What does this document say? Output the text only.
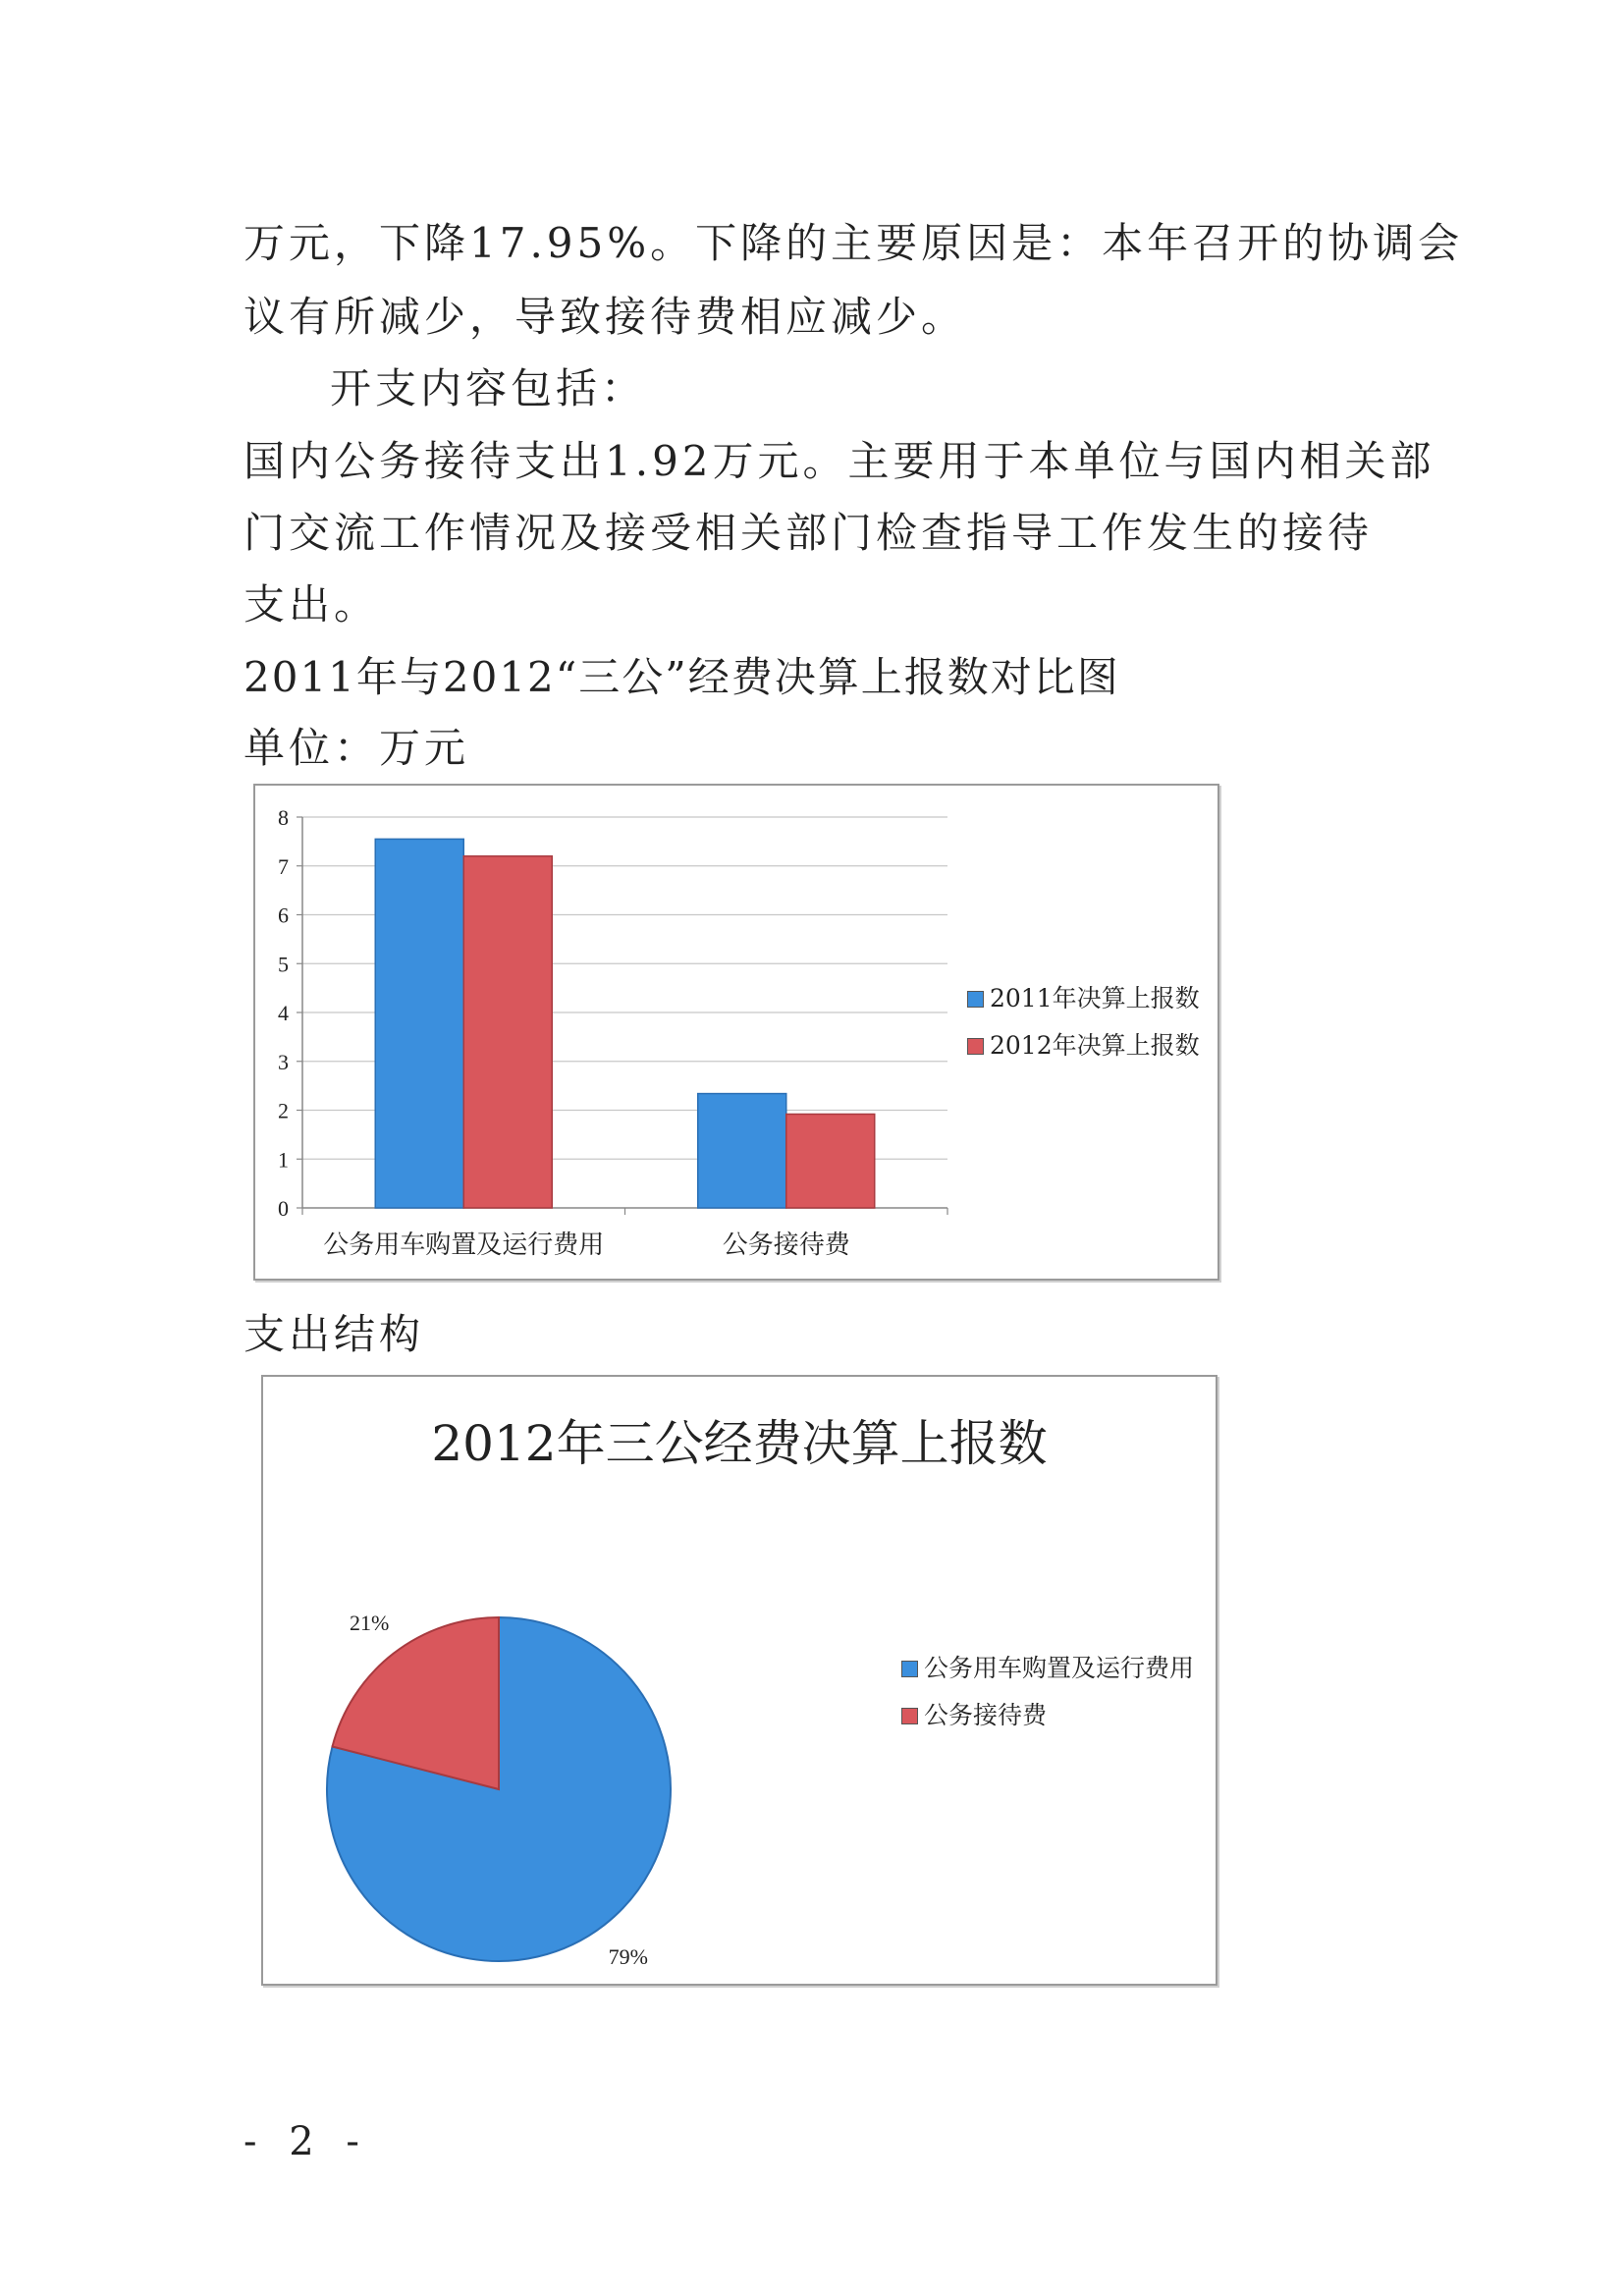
万元，下降17.95%。下降的主要原因是：本年召开的协调会
议有所减少，导致接待费相应减少。
开支内容包括：
国内公务接待支出1.92万元。主要用于本单位与国内相关部
门交流工作情况及接受相关部门检查指导工作发生的接待
支出。
2011年与2012“三公”经费决算上报数对比图
单位：万元
0
1
2
3
4
5
6
7
8
公务用车购置及运行费用	公务接待费
2011年决算上报数
2012年决算上报数
支出结构
2012年三公经费决算上报数
79%
21%
公务用车购置及运行费用
公务接待费
- 2 -
